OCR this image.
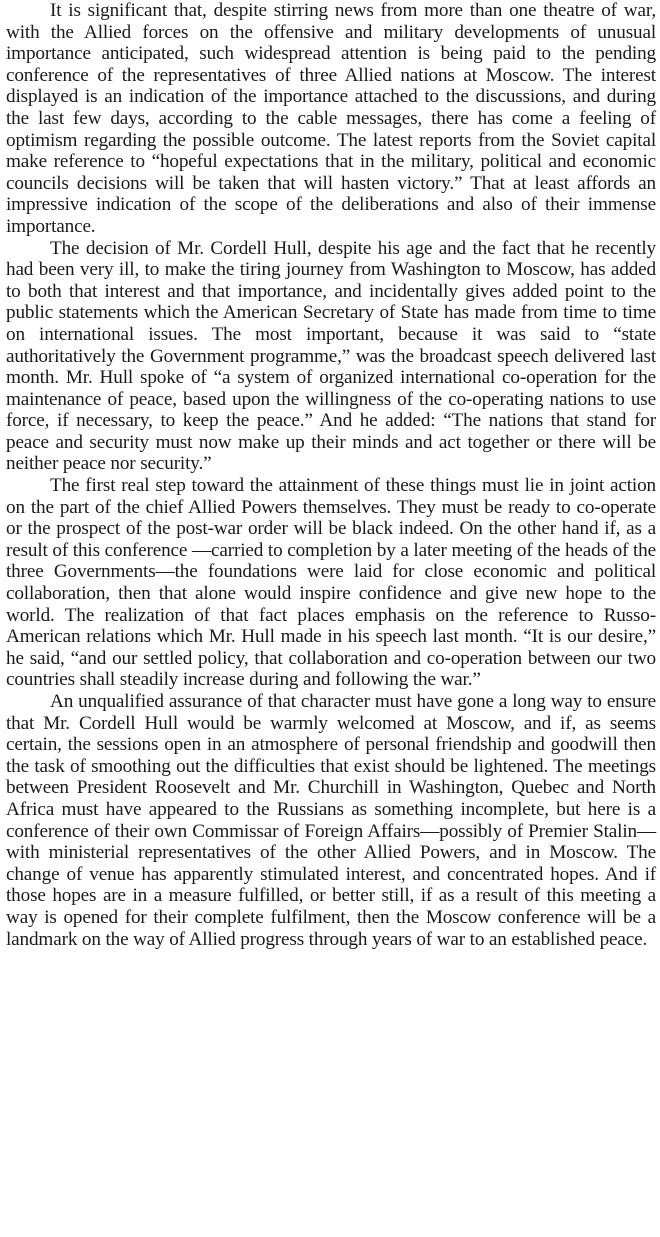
It is significant that, despite stirring news from more than one theatre of war, with the Allied forces on the offensive and military developments of unusual importance anticipated, such widespread attention is being paid to the pending conference of the representatives of three Allied nations at Moscow. The interest displayed is an indication of the importance attached to the discussions, and during the last few days, according to the cable messages, there has come a feeling of optimism regarding the possible outcome. The latest reports from the Soviet capital make reference to “hopeful expectations that in the military, political and economic councils decisions will be taken that will hasten victory.” That at least affords an impressive indication of the scope of the deliberations and also of their immense importance.

The decision of Mr. Cordell Hull, despite his age and the fact that he recently had been very ill, to make the tiring journey from Washington to Moscow, has added to both that interest and that importance, and incidentally gives added point to the public statements which the American Secretary of State has made from time to time on international issues. The most important, because it was said to “state authoritatively the Government programme,” was the broadcast speech delivered last month. Mr. Hull spoke of “a system of organized international co-operation for the maintenance of peace, based upon the willingness of the co-operating nations to use force, if necessary, to keep the peace.” And he added: “The nations that stand for peace and security must now make up their minds and act together or there will be neither peace nor security.”

The first real step toward the attainment of these things must lie in joint action on the part of the chief Allied Powers themselves. They must be ready to co-operate or the prospect of the post-war order will be black indeed. On the other hand if, as a result of this conference —carried to completion by a later meeting of the heads of the three Governments—the foundations were laid for close economic and political collaboration, then that alone would inspire confidence and give new hope to the world. The realization of that fact places emphasis on the reference to Russo-American relations which Mr. Hull made in his speech last month. “It is our desire,” he said, “and our settled policy, that collaboration and co-operation between our two countries shall steadily increase during and following the war.”

An unqualified assurance of that character must have gone a long way to ensure that Mr. Cordell Hull would be warmly welcomed at Moscow, and if, as seems certain, the sessions open in an atmosphere of personal friendship and goodwill then the task of smoothing out the difficulties that exist should be lightened. The meetings between President Roosevelt and Mr. Churchill in Washington, Quebec and North Africa must have appeared to the Russians as something incomplete, but here is a conference of their own Commissar of Foreign Affairs—possibly of Premier Stalin—with ministerial representatives of the other Allied Powers, and in Moscow. The change of venue has apparently stimulated interest, and concentrated hopes. And if those hopes are in a measure fulfilled, or better still, if as a result of this meeting a way is opened for their complete fulfilment, then the Moscow conference will be a landmark on the way of Allied progress through years of war to an established peace.
